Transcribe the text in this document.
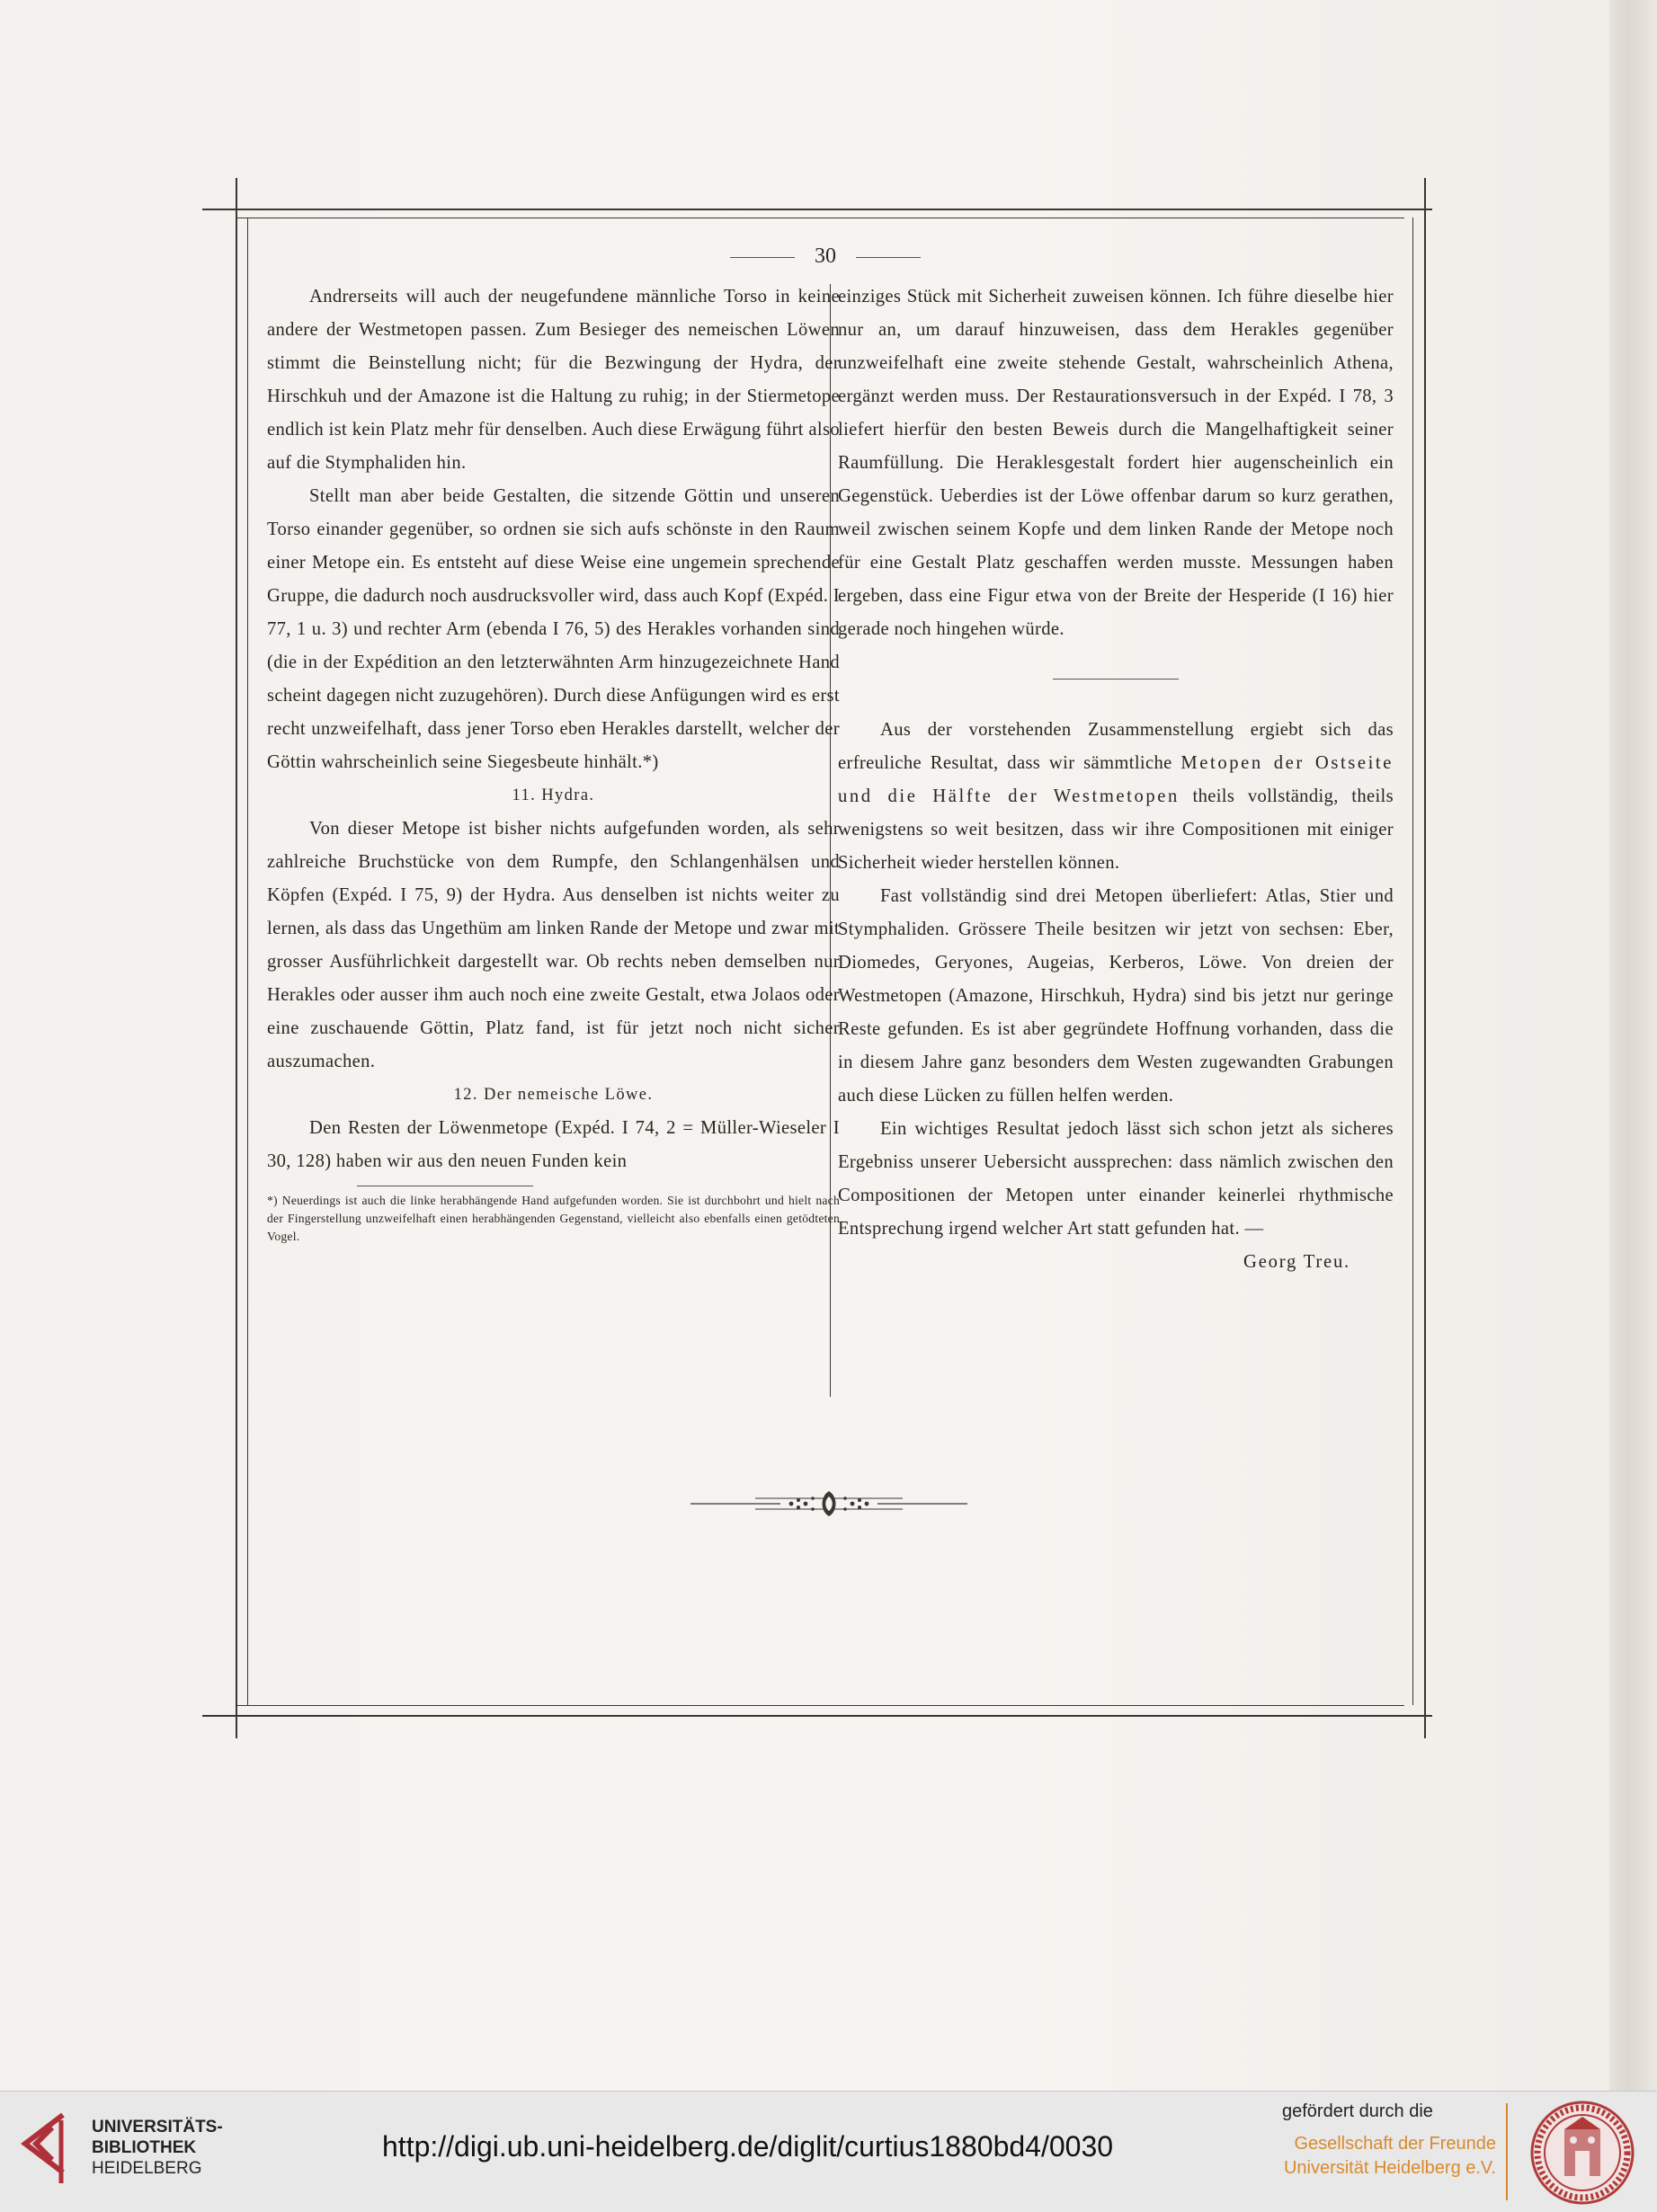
30

Andrerseits will auch der neugefundene männliche Torso in keine andere der Westmetopen passen. Zum Besieger des nemeischen Löwen stimmt die Beinstellung nicht; für die Bezwingung der Hydra, der Hirschkuh und der Amazone ist die Haltung zu ruhig; in der Stiermetope endlich ist kein Platz mehr für denselben. Auch diese Erwägung führt also auf die Stymphaliden hin.

Stellt man aber beide Gestalten, die sitzende Göttin und unseren Torso einander gegenüber, so ordnen sie sich aufs schönste in den Raum einer Metope ein. Es entsteht auf diese Weise eine ungemein sprechende Gruppe, die dadurch noch ausdrucksvoller wird, dass auch Kopf (Expéd. I 77, 1 u. 3) und rechter Arm (ebenda I 76, 5) des Herakles vorhanden sind (die in der Expédition an den letzterwähnten Arm hinzugezeichnete Hand scheint dagegen nicht zuzugehören). Durch diese Anfügungen wird es erst recht unzweifelhaft, dass jener Torso eben Herakles darstellt, welcher der Göttin wahrscheinlich seine Siegesbeute hinhält.*)

11. Hydra.

Von dieser Metope ist bisher nichts aufgefunden worden, als sehr zahlreiche Bruchstücke von dem Rumpfe, den Schlangenhälsen und Köpfen (Expéd. I 75, 9) der Hydra. Aus denselben ist nichts weiter zu lernen, als dass das Ungethüm am linken Rande der Metope und zwar mit grosser Ausführlichkeit dargestellt war. Ob rechts neben demselben nur Herakles oder ausser ihm auch noch eine zweite Gestalt, etwa Jolaos oder eine zuschauende Göttin, Platz fand, ist für jetzt noch nicht sicher auszumachen.

12. Der nemeische Löwe.

Den Resten der Löwenmetope (Expéd. I 74, 2 = Müller-Wieseler I 30, 128) haben wir aus den neuen Funden kein

*) Neuerdings ist auch die linke herabhängende Hand aufgefunden worden. Sie ist durchbohrt und hielt nach der Fingerstellung unzweifelhaft einen herabhängenden Gegenstand, vielleicht also ebenfalls einen getödteten Vogel.

einziges Stück mit Sicherheit zuweisen können. Ich führe dieselbe hier nur an, um darauf hinzuweisen, dass dem Herakles gegenüber unzweifelhaft eine zweite stehende Gestalt, wahrscheinlich Athena, ergänzt werden muss. Der Restaurationsversuch in der Expéd. I 78, 3 liefert hierfür den besten Beweis durch die Mangelhaftigkeit seiner Raumfüllung. Die Heraklesgestalt fordert hier augenscheinlich ein Gegenstück. Ueberdies ist der Löwe offenbar darum so kurz gerathen, weil zwischen seinem Kopfe und dem linken Rande der Metope noch für eine Gestalt Platz geschaffen werden musste. Messungen haben ergeben, dass eine Figur etwa von der Breite der Hesperide (I 16) hier gerade noch hingehen würde.

Aus der vorstehenden Zusammenstellung ergiebt sich das erfreuliche Resultat, dass wir sämmtliche Metopen der Ostseite und die Hälfte der Westmetopen theils vollständig, theils wenigstens so weit besitzen, dass wir ihre Compositionen mit einiger Sicherheit wieder herstellen können.

Fast vollständig sind drei Metopen überliefert: Atlas, Stier und Stymphaliden. Grössere Theile besitzen wir jetzt von sechsen: Eber, Diomedes, Geryones, Augeias, Kerberos, Löwe. Von dreien der Westmetopen (Amazone, Hirschkuh, Hydra) sind bis jetzt nur geringe Reste gefunden. Es ist aber gegründete Hoffnung vorhanden, dass die in diesem Jahre ganz besonders dem Westen zugewandten Grabungen auch diese Lücken zu füllen helfen werden.

Ein wichtiges Resultat jedoch lässt sich schon jetzt als sicheres Ergebniss unserer Uebersicht aussprechen: dass nämlich zwischen den Compositionen der Metopen unter einander keinerlei rhythmische Entsprechung irgend welcher Art statt gefunden hat. —

Georg Treu.

UNIVERSITÄTS-
BIBLIOTHEK
HEIDELBERG
http://digi.ub.uni-heidelberg.de/diglit/curtius1880bd4/0030
gefördert durch die
Gesellschaft der Freunde
Universität Heidelberg e.V.
